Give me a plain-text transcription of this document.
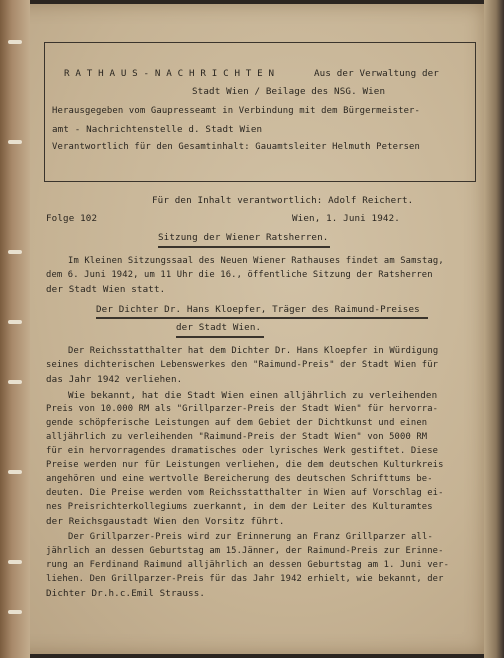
R A T H A U S - N A C H R I C H T E N	Aus der Verwaltung der
Stadt Wien / Beilage des NSG. Wien
Herausgegeben vom Gaupresseamt in Verbindung mit dem Bürgermeister-
amt - Nachrichtenstelle d. Stadt Wien
Verantwortlich für den Gesamtinhalt: Gauamtsleiter Helmuth Petersen
Für den Inhalt verantwortlich: Adolf Reichert.
Folge 102	Wien, 1. Juni 1942.
Sitzung der Wiener Ratsherren.
Im Kleinen Sitzungssaal des Neuen Wiener Rathauses findet am Samstag,
dem 6. Juni 1942, um 11 Uhr die 16., öffentliche Sitzung der Ratsherren
der Stadt Wien statt.
Der Dichter Dr. Hans Kloepfer, Träger des Raimund-Preises
der Stadt Wien.
Der Reichsstatthalter hat dem Dichter Dr. Hans Kloepfer in Würdigung
seines dichterischen Lebenswerkes den "Raimund-Preis" der Stadt Wien für
das Jahr 1942 verliehen.
Wie bekannt, hat die Stadt Wien einen alljährlich zu verleihenden
Preis von 10.000 RM als "Grillparzer-Preis der Stadt Wien" für hervorra-
gende schöpferische Leistungen auf dem Gebiet der Dichtkunst und einen
alljährlich zu verleihenden "Raimund-Preis der Stadt Wien" von 5000 RM
für ein hervorragendes dramatisches oder lyrisches Werk gestiftet. Diese
Preise werden nur für Leistungen verliehen, die dem deutschen Kulturkreis
angehören und eine wertvolle Bereicherung des deutschen Schrifttums be-
deuten. Die Preise werden vom Reichsstatthalter in Wien auf Vorschlag ei-
nes Preisrichterkollegiums zuerkannt, in dem der Leiter des Kulturamtes
der Reichsgaustadt Wien den Vorsitz führt.
Der Grillparzer-Preis wird zur Erinnerung an Franz Grillparzer all-
jährlich an dessen Geburtstag am 15.Jänner, der Raimund-Preis zur Erinne-
rung an Ferdinand Raimund alljährlich an dessen Geburtstag am 1. Juni ver-
liehen. Den Grillparzer-Preis für das Jahr 1942 erhielt, wie bekannt, der
Dichter Dr.h.c.Emil Strauss.
